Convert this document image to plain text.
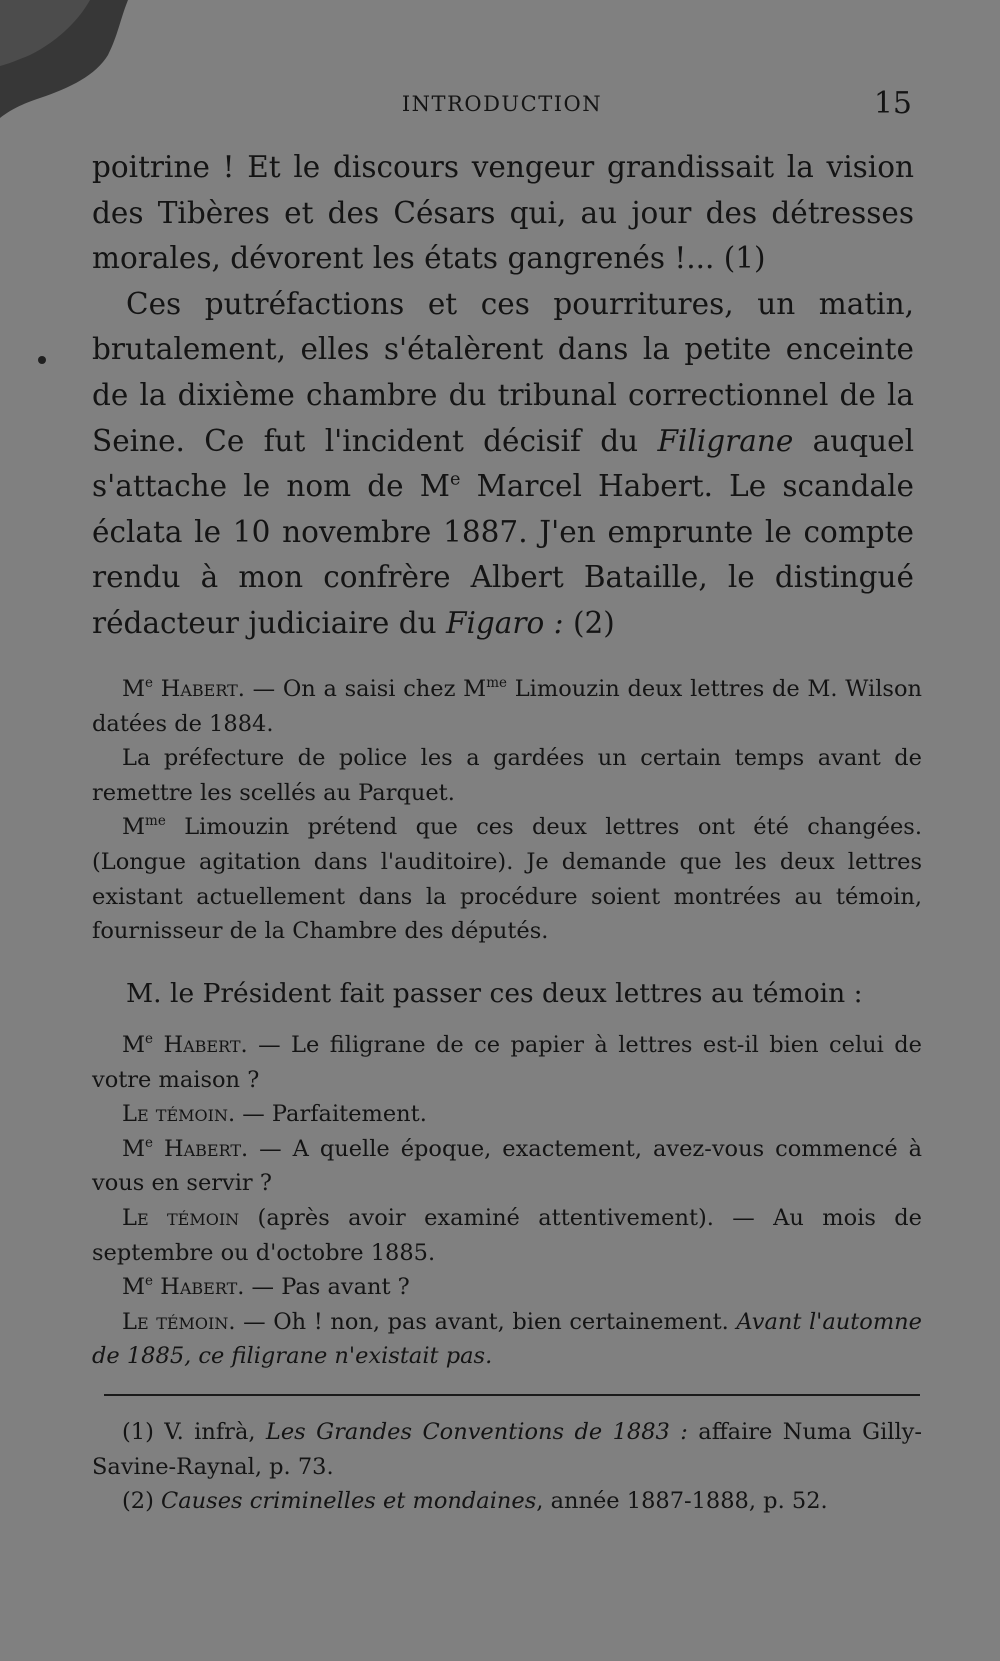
INTRODUCTION	15

poitrine ! Et le discours vengeur grandissait la vision des Tibères et des Césars qui, au jour des détresses morales, dévorent les états gangrenés !... (1)

Ces putréfactions et ces pourritures, un matin, brutalement, elles s'étalèrent dans la petite enceinte de la dixième chambre du tribunal correctionnel de la Seine. Ce fut l'incident décisif du Filigrane auquel s'attache le nom de Me Marcel Habert. Le scandale éclata le 10 novembre 1887. J'en emprunte le compte rendu à mon confrère Albert Bataille, le distingué rédacteur judiciaire du Figaro : (2)

Me Habert. — On a saisi chez $M^{me}$ Limouzin deux lettres de M. Wilson datées de 1884.

La préfecture de police les a gardées un certain temps avant de remettre les scellés au Parquet.

$M^{me}$ Limouzin prétend que ces deux lettres ont été changées. (Longue agitation dans l'auditoire). Je demande que les deux lettres existant actuellement dans la procédure soient montrées au témoin, fournisseur de la Chambre des députés.

M. le Président fait passer ces deux lettres au témoin :

Me Habert. — Le filigrane de ce papier à lettres est-il bien celui de votre maison ?

Le témoin. — Parfaitement.

Me Habert. — A quelle époque, exactement, avez-vous commencé à vous en servir ?

Le témoin (après avoir examiné attentivement). — Au mois de septembre ou d'octobre 1885.

Me Habert. — Pas avant ?

Le témoin. — Oh ! non, pas avant, bien certainement. Avant l'automne de 1885, ce filigrane n'existait pas.

(1) V. infrà, Les Grandes Conventions de 1883 : affaire Numa Gilly-Savine-Raynal, p. 73.

(2) Causes criminelles et mondaines, année 1887-1888, p. 52.
